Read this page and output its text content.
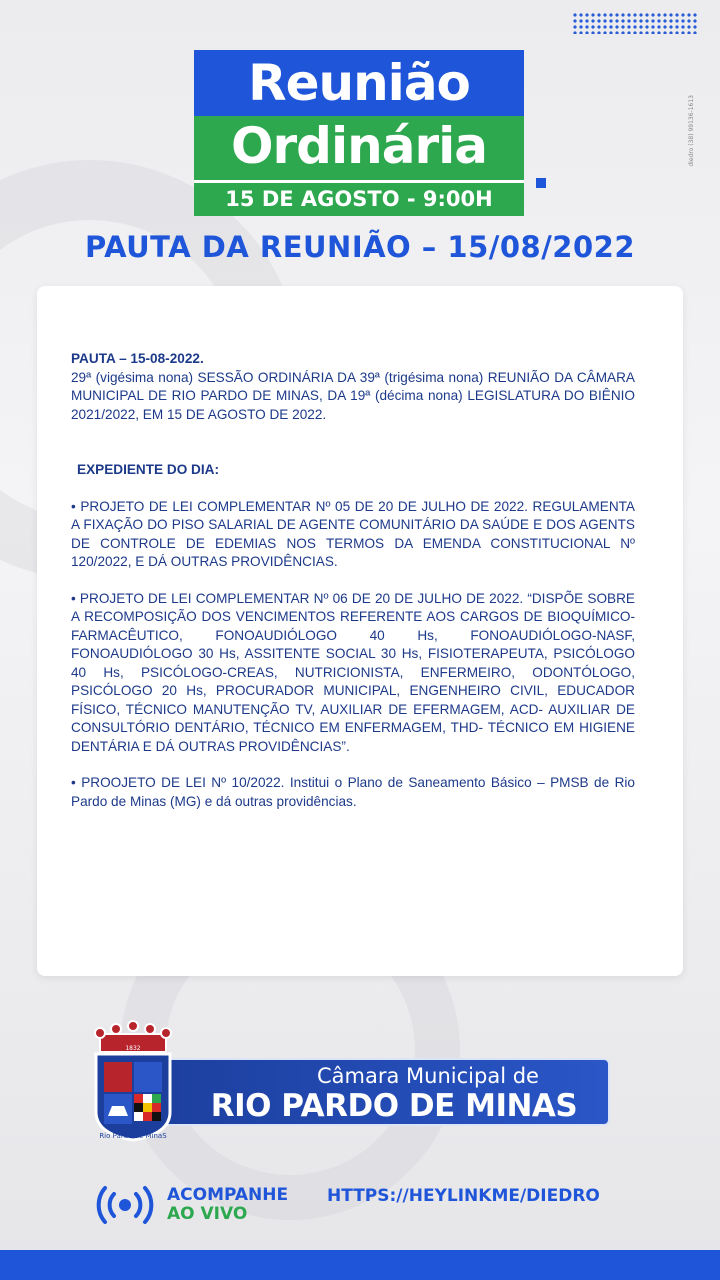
diedro (38) 99136-1613
Reunião
Ordinária
15 DE AGOSTO - 9:00H
PAUTA DA REUNIÃO – 15/08/2022

PAUTA – 15-08-2022.

29ª (vigésima nona) SESSÃO ORDINÁRIA DA 39ª (trigésima nona) REUNIÃO DA CÂMARA MUNICIPAL DE RIO PARDO DE MINAS, DA 19ª (décima nona) LEGISLATURA DO BIÊNIO 2021/2022, EM 15 DE AGOSTO DE 2022.

EXPEDIENTE DO DIA:

• PROJETO DE LEI COMPLEMENTAR Nº 05 DE 20 DE JULHO DE 2022. REGULAMENTA A FIXAÇÃO DO PISO SALARIAL DE AGENTE COMUNITÁRIO DA SAÚDE E DOS AGENTS DE CONTROLE DE EDEMIAS NOS TERMOS DA EMENDA CONSTITUCIONAL Nº 120/2022, E DÁ OUTRAS PROVIDÊNCIAS.

• PROJETO DE LEI COMPLEMENTAR Nº 06 DE 20 DE JULHO DE 2022. “DISPÕE SOBRE A RECOMPOSIÇÃO DOS VENCIMENTOS REFERENTE AOS CARGOS DE BIOQUÍMICO-FARMACÊUTICO, FONOAUDIÓLOGO 40 Hs, FONOAUDIÓLOGO-NASF, FONOAUDIÓLOGO 30 Hs, ASSITENTE SOCIAL 30 Hs, FISIOTERAPEUTA, PSICÓLOGO 40 Hs, PSICÓLOGO-CREAS, NUTRICIONISTA, ENFERMEIRO, ODONTÓLOGO, PSICÓLOGO 20 Hs, PROCURADOR MUNICIPAL, ENGENHEIRO CIVIL, EDUCADOR FÍSICO, TÉCNICO MANUTENÇÃO TV, AUXILIAR DE EFERMAGEM, ACD- AUXILIAR DE CONSULTÓRIO DENTÁRIO, TÉCNICO EM ENFERMAGEM, THD- TÉCNICO EM HIGIENE DENTÁRIA E DÁ OUTRAS PROVIDÊNCIAS”.

• PROOJETO DE LEI Nº 10/2022. Institui o Plano de Saneamento Básico – PMSB de Rio Pardo de Minas (MG) e dá outras providências.

Câmara Municipal de
RIO PARDO DE MINAS
1832
Rio Pardo de MinaS
ACOMPANHE
AO VIVO
HTTPS://HEYLINKME/DIEDRO
